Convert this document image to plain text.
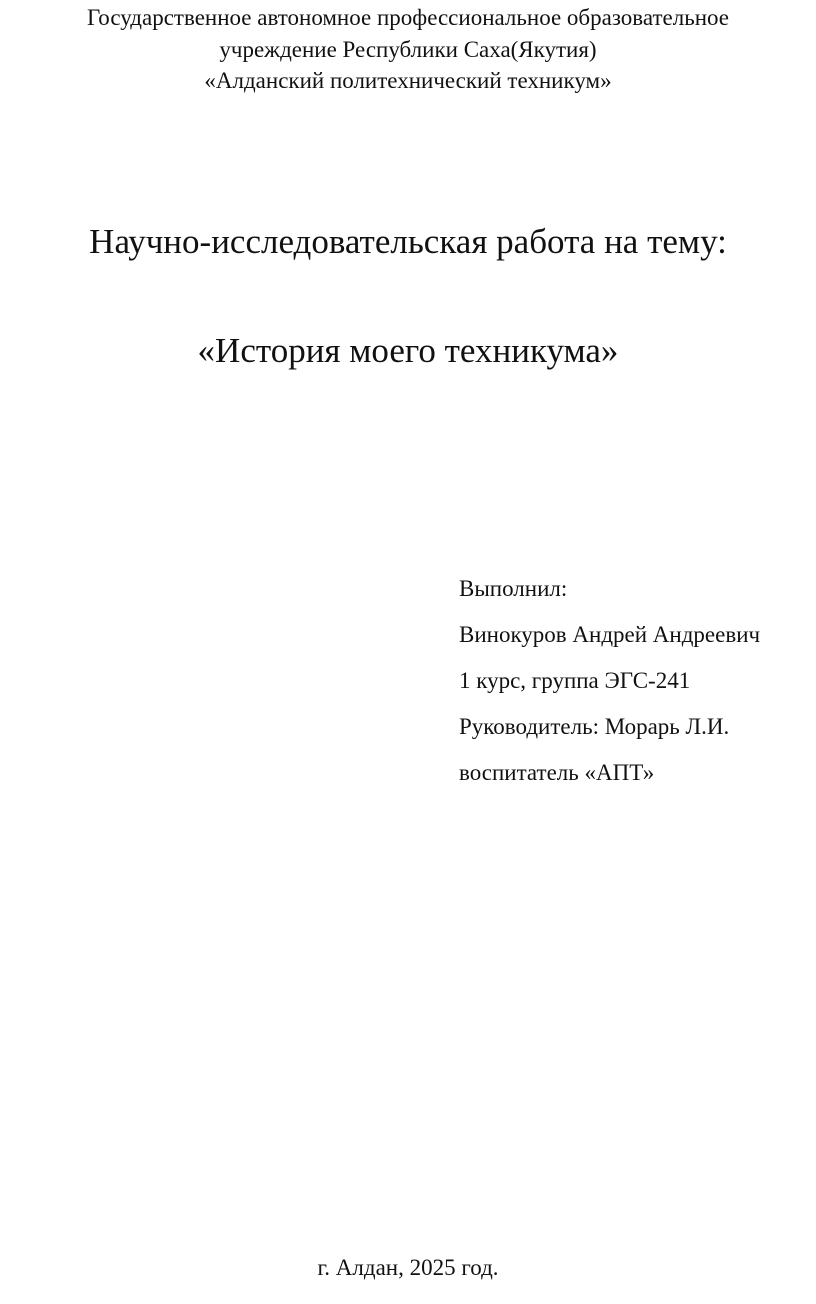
Государственное автономное профессиональное образовательное
учреждение Республики Саха(Якутия)
«Алданский политехнический техникум»
Научно-исследовательская работа на тему:
«История моего техникума»
Выполнил:
Винокуров Андрей Андреевич
1 курс, группа ЭГС-241
Руководитель: Морарь Л.И.
воспитатель «АПТ»
г. Алдан, 2025 год.
